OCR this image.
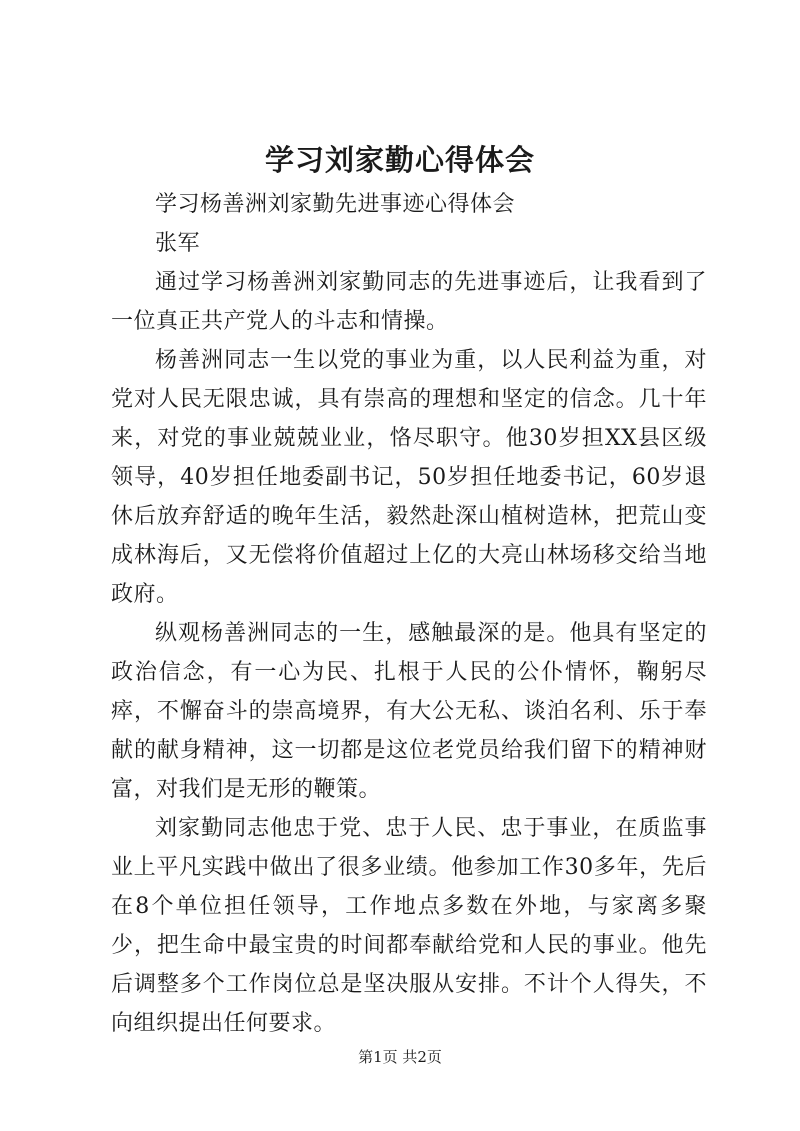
学习刘家勤心得体会

学习杨善洲刘家勤先进事迹心得体会

张军

通过学习杨善洲刘家勤同志的先进事迹后，让我看到了一位真正共产党人的斗志和情操。

杨善洲同志一生以党的事业为重，以人民利益为重，对党对人民无限忠诚，具有崇高的理想和坚定的信念。几十年来，对党的事业兢兢业业，恪尽职守。他30岁担XX县区级领导，40岁担任地委副书记，50岁担任地委书记，60岁退休后放弃舒适的晚年生活，毅然赴深山植树造林，把荒山变成林海后，又无偿将价值超过上亿的大亮山林场移交给当地政府。

纵观杨善洲同志的一生，感触最深的是。他具有坚定的政治信念，有一心为民、扎根于人民的公仆情怀，鞠躬尽瘁，不懈奋斗的崇高境界，有大公无私、谈泊名利、乐于奉献的献身精神，这一切都是这位老党员给我们留下的精神财富，对我们是无形的鞭策。

刘家勤同志他忠于党、忠于人民、忠于事业，在质监事业上平凡实践中做出了很多业绩。他参加工作30多年，先后在8个单位担任领导，工作地点多数在外地，与家离多聚少，把生命中最宝贵的时间都奉献给党和人民的事业。他先后调整多个工作岗位总是坚决服从安排。不计个人得失，不向组织提出任何要求。

第1页 共2页
